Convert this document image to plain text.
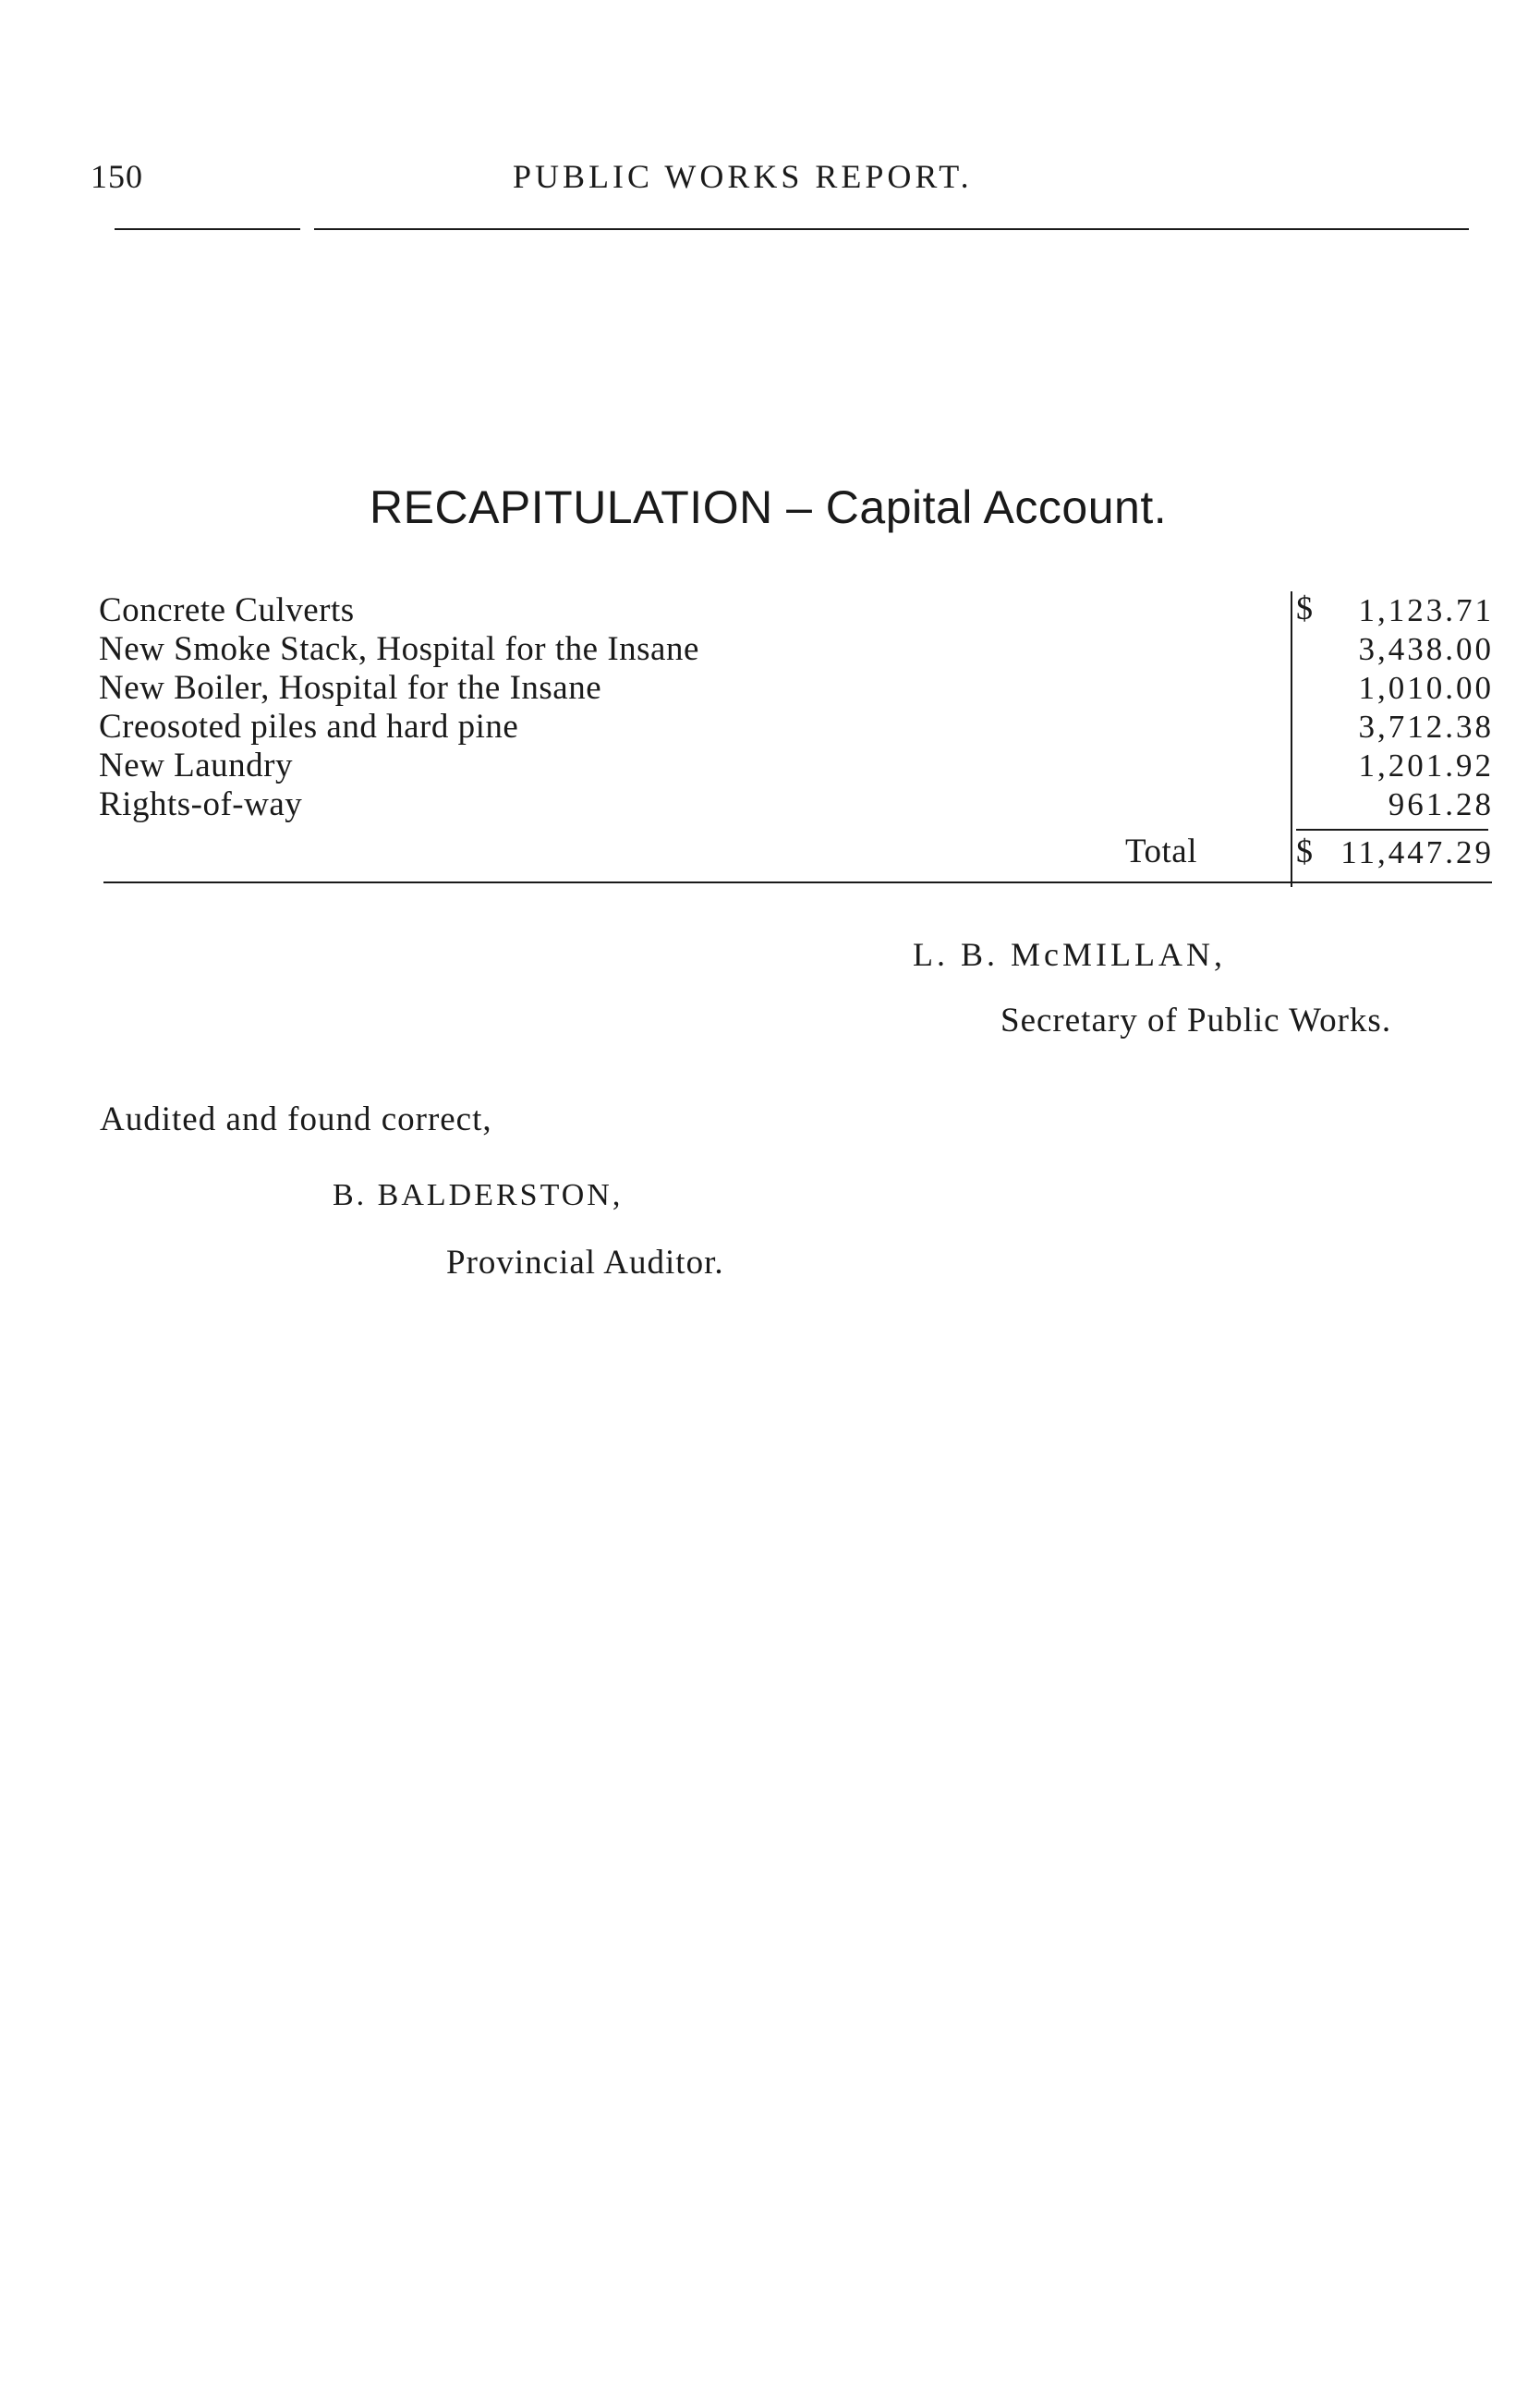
150	PUBLIC WORKS REPORT.
RECAPITULATION – Capital Account.
$
Concrete Culverts	1,123.71
New Smoke Stack, Hospital for the Insane	3,438.00
New Boiler, Hospital for the Insane	1,010.00
Creosoted piles and hard pine	3,712.38
New Laundry	1,201.92
Rights-of-way	961.28
Total	$ 11,447.29
L. B. McMILLAN,
Secretary of Public Works.
Audited and found correct,
B. BALDERSTON,
Provincial Auditor.
